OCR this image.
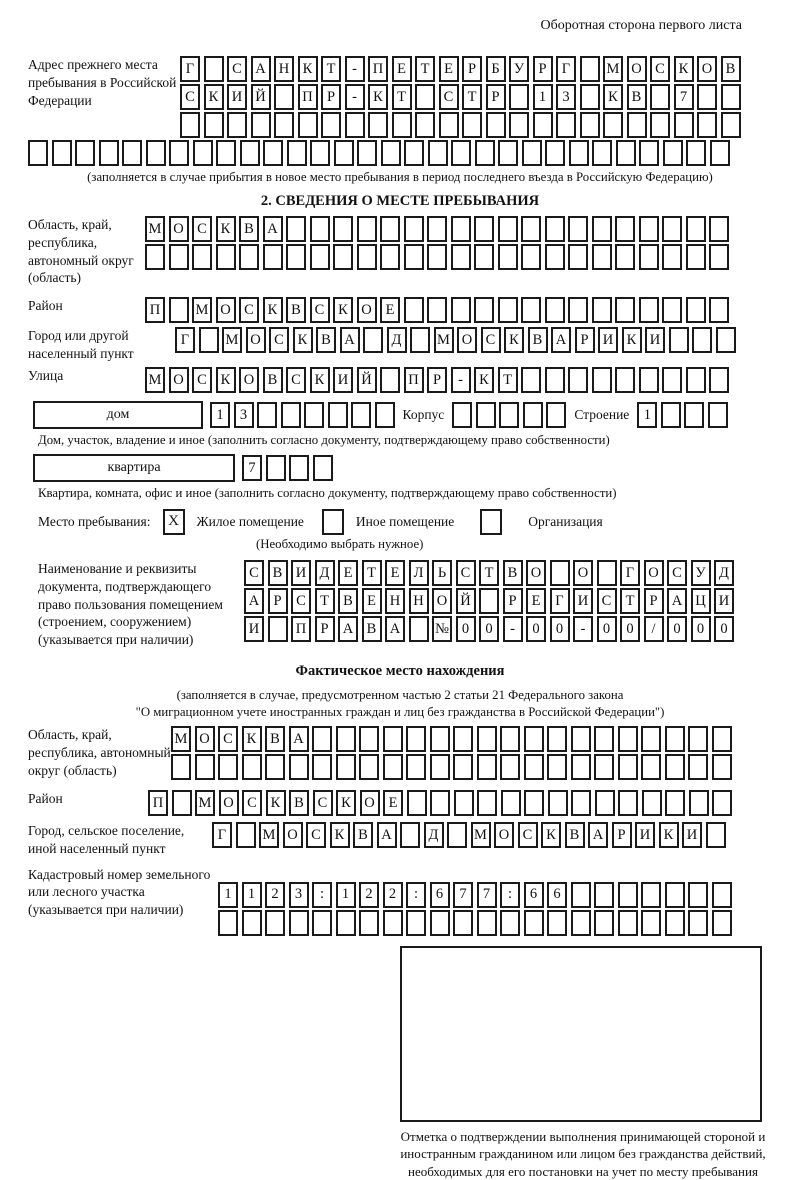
Оборотная сторона первого листа
Адрес прежнего места пребывания в Российской Федерации
Г	С А Н К Т	-	П Е	Т	Е	Р	Б У Р	Г	М О С К О В
С К И Й	П Р	-	К Т	С Т	Р	1	3	К В	7
(заполняется в случае прибытия в новое место пребывания в период последнего въезда в Российскую Федерацию)
2. СВЕДЕНИЯ О МЕСТЕ ПРЕБЫВАНИЯ
Область, край, республика, автономный округ (область)
М О С К В А
Район	П	М О С К В С К О Е
Город или другой населенный пункт
Г	М О С К В А	Д	М О С К В А Р И К И
Улица	М О С К О В С К И Й	П Р	-	К Т
дом	1	3	Корпус	Строение 1
Дом, участок, владение и иное (заполнить согласно документу, подтверждающему право собственности)
квартира	7
Квартира, комната, офис и иное (заполнить согласно документу, подтверждающему право собственности)
Место пребывания:	X	Жилое помещение	Иное помещение	Организация
(Необходимо выбрать нужное)
Наименование и реквизиты документа, подтверждающего право пользования помещением (строением, сооружением) (указывается при наличии)
С В И Д Е	Т	Е Л Ь	С Т В О	О	Г О С У Д
А Р	С Т В Е Н Н О Й	Р	Е	Г И С Т	Р А Ц И
И	П Р А В А	№ 0	0	-	0	0	-	0	0	/	0	0	0
Фактическое место нахождения
(заполняется в случае, предусмотренном частью 2 статьи 21 Федерального закона
"О миграционном учете иностранных граждан и лиц без гражданства в Российской Федерации")
Область, край, республика, автономный округ (область)
М О С К В А
Район	П	М О С К В С К О Е
Город, сельское поселение, иной населенный пункт
Г	М О С К В А	Д	М О С К В А Р И К И
Кадастровый номер земельного или лесного участка (указывается при наличии)
1	1	2	3	:	1	2	2	:	6	7	7	:	6	6
Отметка о подтверждении выполнения принимающей стороной и иностранным гражданином или лицом без гражданства действий, необходимых для его постановки на учет по месту пребывания
